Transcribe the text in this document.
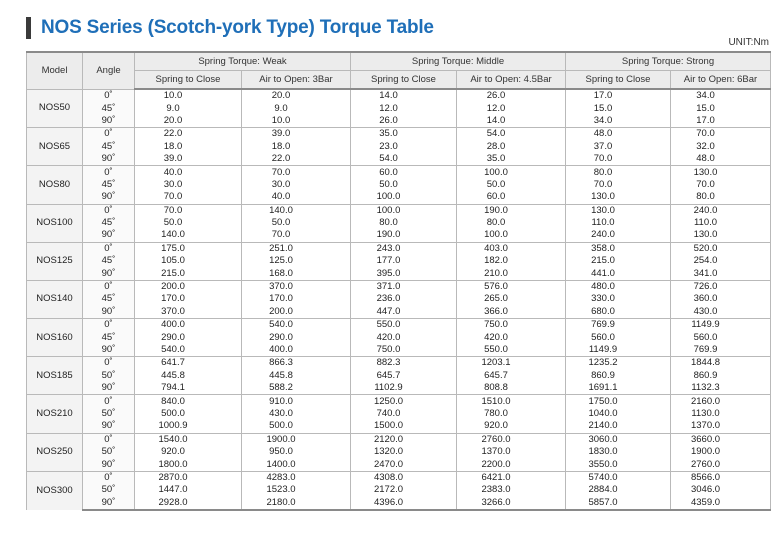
NOS Series (Scotch-york Type) Torque Table
UNIT:Nm
Model	Angle	Spring Torque: Weak		Spring Torque: Middle		Spring Torque: Strong	
		Spring to Close	Air to Open: 3Bar	Spring to Close	Air to Open: 4.5Bar	Spring to Close	Air to Open: 6Bar
NOS50	0˚	10.0	20.0	14.0	26.0	17.0	34.0
	45˚	9.0	9.0	12.0	12.0	15.0	15.0
	90˚	20.0	10.0	26.0	14.0	34.0	17.0
NOS65	0˚	22.0	39.0	35.0	54.0	48.0	70.0
	45˚	18.0	18.0	23.0	28.0	37.0	32.0
	90˚	39.0	22.0	54.0	35.0	70.0	48.0
NOS80	0˚	40.0	70.0	60.0	100.0	80.0	130.0
	45˚	30.0	30.0	50.0	50.0	70.0	70.0
	90˚	70.0	40.0	100.0	60.0	130.0	80.0
NOS100	0˚	70.0	140.0	100.0	190.0	130.0	240.0
	45˚	50.0	50.0	80.0	80.0	110.0	110.0
	90˚	140.0	70.0	190.0	100.0	240.0	130.0
NOS125	0˚	175.0	251.0	243.0	403.0	358.0	520.0
	45˚	105.0	125.0	177.0	182.0	215.0	254.0
	90˚	215.0	168.0	395.0	210.0	441.0	341.0
NOS140	0˚	200.0	370.0	371.0	576.0	480.0	726.0
	45˚	170.0	170.0	236.0	265.0	330.0	360.0
	90˚	370.0	200.0	447.0	366.0	680.0	430.0
NOS160	0˚	400.0	540.0	550.0	750.0	769.9	1149.9
	45˚	290.0	290.0	420.0	420.0	560.0	560.0
	90˚	540.0	400.0	750.0	550.0	1149.9	769.9
NOS185	0˚	641.7	866.3	882.3	1203.1	1235.2	1844.8
	50˚	445.8	445.8	645.7	645.7	860.9	860.9
	90˚	794.1	588.2	1102.9	808.8	1691.1	1132.3
NOS210	0˚	840.0	910.0	1250.0	1510.0	1750.0	2160.0
	50˚	500.0	430.0	740.0	780.0	1040.0	1130.0
	90˚	1000.9	500.0	1500.0	920.0	2140.0	1370.0
NOS250	0˚	1540.0	1900.0	2120.0	2760.0	3060.0	3660.0
	50˚	920.0	950.0	1320.0	1370.0	1830.0	1900.0
	90˚	1800.0	1400.0	2470.0	2200.0	3550.0	2760.0
NOS300	0˚	2870.0	4283.0	4308.0	6421.0	5740.0	8566.0
	50˚	1447.0	1523.0	2172.0	2383.0	2884.0	3046.0
	90˚	2928.0	2180.0	4396.0	3266.0	5857.0	4359.0
